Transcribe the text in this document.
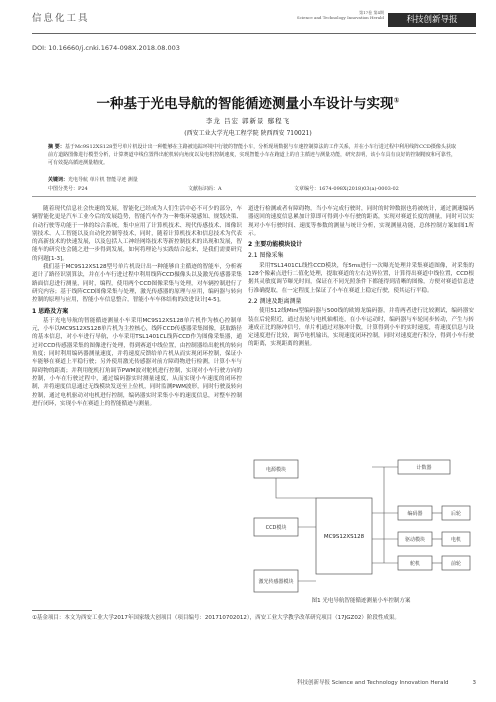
信息化工具
第17卷 第4期
Science and Technology Innovation Herald	科技创新导报
DOI: 10.16660/j.cnki.1674-098X.2018.08.003
一种基于光电导航的智能循迹测量小车设计与实现①
李龙 吕宏 郭新景 鄢程飞
(西安工业大学光电工程学院 陕西西安 710021)
摘 要：基于Mc9S12XS128型号单片机设计出一种能够在主路被追踪环境中行驶的智能小车，分析现场数据与车速控制算法的工作关系，并在小车行进过程中利用线阵CCD摄像头获取前方道路图像进行模型分析，计算赛道中线位置得出舵机转向角度以及电机控制速度，实现智能小车在跑道上的自主循迹与测量功能，研究表明，该小车具有良好的控制精度和可靠性，可有效提高循迹测量精度。
关键词：光电导航 单片机 智能寻迹 测量
中图分类号：P24	文献标识码：A	文章编号：1674-098X(2018)03(a)-0003-02

随着现代信息社会快速的发展，智能化已经成为人们生活中必不可少的部分，车辆智能化更是汽车工业今后的发展趋势，智能汽车作为一种集环境感知、规划决策、自动行驶等功能于一体的综合系统，集中应用了计算机技术、现代传感技术、图像识别技术、人工智能以及自动化控制等技术，同时，随着计算机技术和信息技术为代表的高新技术的快速发展，以及包括人工神经网络技术等新控制技术的出现和发展，智能车的研究也会随之进一步得到发展，如何将理论与实践结合起来，是我们需要研究的问题[1-3]。

我们基于MC9S12XS128型号单片机设计出一种能够自主循迹的智能车，分析赛道计了路径识别算法，并在小车行进过程中利用线阵CCD摄像头以及激光传感器采集路面信息进行测量，同时，编程，使用两个CCD图像采集与处理，对车辆控制进行了研究内容；基于线阵CCD图像采集与处理，激光传感器的原理与应用，编码器与转向控制的原理与应用，智能小车信息整合，智能小车车体结构的改进设计[4-5]。

1 思路及方案

基于光电导航的智能循迹测量小车采用MC9S12XS128单片机作为核心控制单元，小车以MC9S12XS128单片机为主控核心，线阵CCD传感器采集图像，获取路径的基本信息，对小车进行导航，小车采用TSL1401CL线阵CCD作为图像采集器，通过对CCD传感器采集的图像进行处理，得到赛道中线位置，由控制器给出舵机的转向角度；同时利用编码器测量速度，并将速度反馈给单片机从而实现闭环控制，保证小车能够在赛道上平稳行驶；另外使用激光传感器对前方障碍物进行检测，计算小车与障碍物的距离；并利用舵机打角调节PWM波对舵机进行控制，实现对小车行驶方向的控制，小车在行驶过程中，通过编码器实时测量速度，从而实现小车速度的闭环控制，并将速度信息通过无线模块发送至上位机，同时监测PWM波形，同时行驶及转向控制，通过电机驱动对电机进行控制，编码器实时采集小车的速度信息，对整车控制进行闭环，实现小车在赛道上的智能循迹与测量。

道进行检测或者有障碍物，当小车完成行驶时，同时的时钟数据也将被统计，通过测速编码器返回的速度信息累加计算即可得到小车行驶的距离，实现对赛道长度的测量，同时可以实现对小车行驶时间、速度等参数的测量与统计分析，实现测量功能，总体控制方案如图1所示。

2 主要功能模块设计
2.1 图像采集

采用TSL1401CL线性CCD模块，每5ms进行一次曝光处理并采集赛道图像，对采集的128个像素点进行二值化处理，提取赛道的左右边界位置，计算得出赛道中线位置，CCD根据其灵敏度调节曝光时间，保证在不同光照条件下都能得到清晰的图像，方便对赛道信息进行准确提取，在一定程度上保证了小车在赛道上稳定行驶，使其运行平稳。

2.2 测速及距离测量

使用512线Mini型编码器与500线的欧姆龙编码器，并将两者进行比较测试，编码器安装在后轮附近，通过齿轮与电机轴相连，在小车运动时，编码器与车轮同步转动，产生与转速成正比的脉冲信号，单片机通过对脉冲计数，计算得到小车的实时速度，将速度信息与设定速度进行比较，调节电机输出，实现速度闭环控制，同时对速度进行积分，得到小车行驶的距离，实现距离的测量。

电源模块
CCD模块
激光传感器模块
MC9S12XS128
计数器
编码器
驱动模块
舵机
后轮
电机
前轮
图1 光电导航智能循迹测量小车控制方案
①基金项目：本文为西安工业大学2017年国家级大创项目（项目编号：201710702012），西安工业大学教学改革研究项目（17JGZ02）阶段性成果。
科技创新导报 Science and Technology Innovation Herald	3
